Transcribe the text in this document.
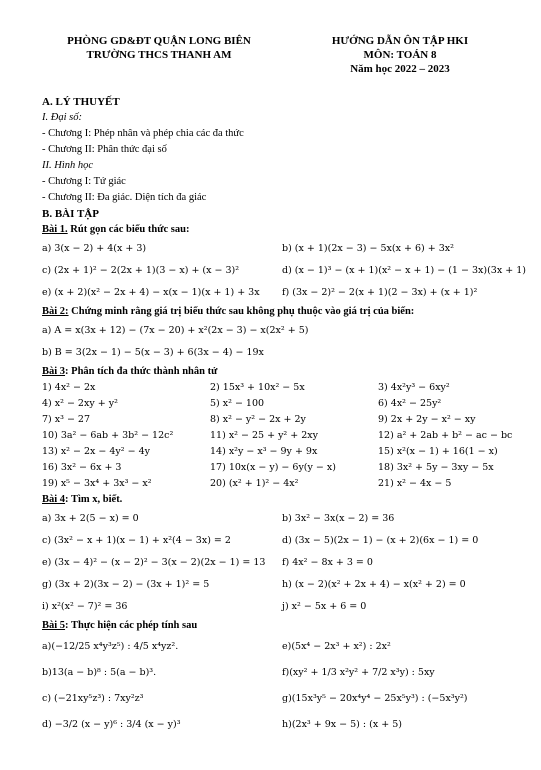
PHÒNG GD&ĐT QUẬN LONG BIÊN
TRƯỜNG THCS THANH AM
HƯỚNG DẪN ÔN TẬP HKI
MÔN: TOÁN 8
Năm học 2022 – 2023
A. LÝ THUYẾT
I. Đại số:
- Chương I: Phép nhân và phép chia các đa thức
- Chương II: Phân thức đại số
II. Hình học
- Chương I: Tứ giác
- Chương II: Đa giác. Diện tích đa giác
B. BÀI TẬP
Bài 1. Rút gọn các biểu thức sau:
a) 3(x − 2) + 4(x + 3)	b) (x + 1)(2x − 3) − 5x(x + 6) + 3x²
c) (2x + 1)² − 2(2x + 1)(3 − x) + (x − 3)²	d) (x − 1)³ − (x + 1)(x² − x + 1) − (1 − 3x)(3x + 1)
e) (x + 2)(x² − 2x + 4) − x(x − 1)(x + 1) + 3x f) (3x − 2)² − 2(x + 1)(2 − 3x) + (x + 1)²
Bài 2: Chứng minh rằng giá trị biểu thức sau không phụ thuộc vào giá trị của biến:
a) A = x(3x + 12) − (7x − 20) + x²(2x − 3) − x(2x² + 5)
b) B = 3(2x − 1) − 5(x − 3) + 6(3x − 4) − 19x
Bài 3: Phân tích đa thức thành nhân tử
1) 4x² − 2x	2) 15x³ + 10x² − 5x	3) 4x²y³ − 6xy²
4) x² − 2xy + y²	5) x² − 100	6) 4x² − 25y²
7) x³ − 27	8) x² − y² − 2x + 2y	9) 2x + 2y − x² − xy
10) 3a² − 6ab + 3b² − 12c²	11) x² − 25 + y² + 2xy	12) a² + 2ab + b² − ac − bc
13) x² − 2x − 4y² − 4y	14) x²y − x³ − 9y + 9x	15) x²(x − 1) + 16(1 − x)
16) 3x² − 6x + 3	17) 10x(x − y) − 6y(y − x)	18) 3x² + 5y − 3xy − 5x
19) x⁵ − 3x⁴ + 3x³ − x²	20) (x² + 1)² − 4x²	21) x² − 4x − 5
Bài 4: Tìm x, biết.
a) 3x + 2(5 − x) = 0	b) 3x² − 3x(x − 2) = 36
c) (3x² − x + 1)(x − 1) + x²(4 − 3x) = 2	d) (3x − 5)(2x − 1) − (x + 2)(6x − 1) = 0
e) (3x − 4)² − (x − 2)² − 3(x − 2)(2x − 1) = 13 f) 4x² − 8x + 3 = 0
g) (3x + 2)(3x − 2) − (3x + 1)² = 5	h) (x − 2)(x² + 2x + 4) − x(x² + 2) = 0
i) x²(x² − 7)² = 36	j) x² − 5x + 6 = 0
Bài 5: Thực hiện các phép tính sau
a)(−12/25 x⁴y³z⁵) : 4/5 x⁴yz².	e)(5x⁴ − 2x³ + x²) : 2x²
b)13(a − b)⁸ : 5(a − b)³.	f)(xy² + 1/3 x²y² + 7/2 x³y) : 5xy
c) (−21xy⁵z³) : 7xy²z³	g)(15x³y⁵ − 20x⁴y⁴ − 25x⁵y³) : (−5x³y²)
d) −3/2 (x − y)⁶ : 3/4 (x − y)³	h)(2x³ + 9x − 5) : (x + 5)
